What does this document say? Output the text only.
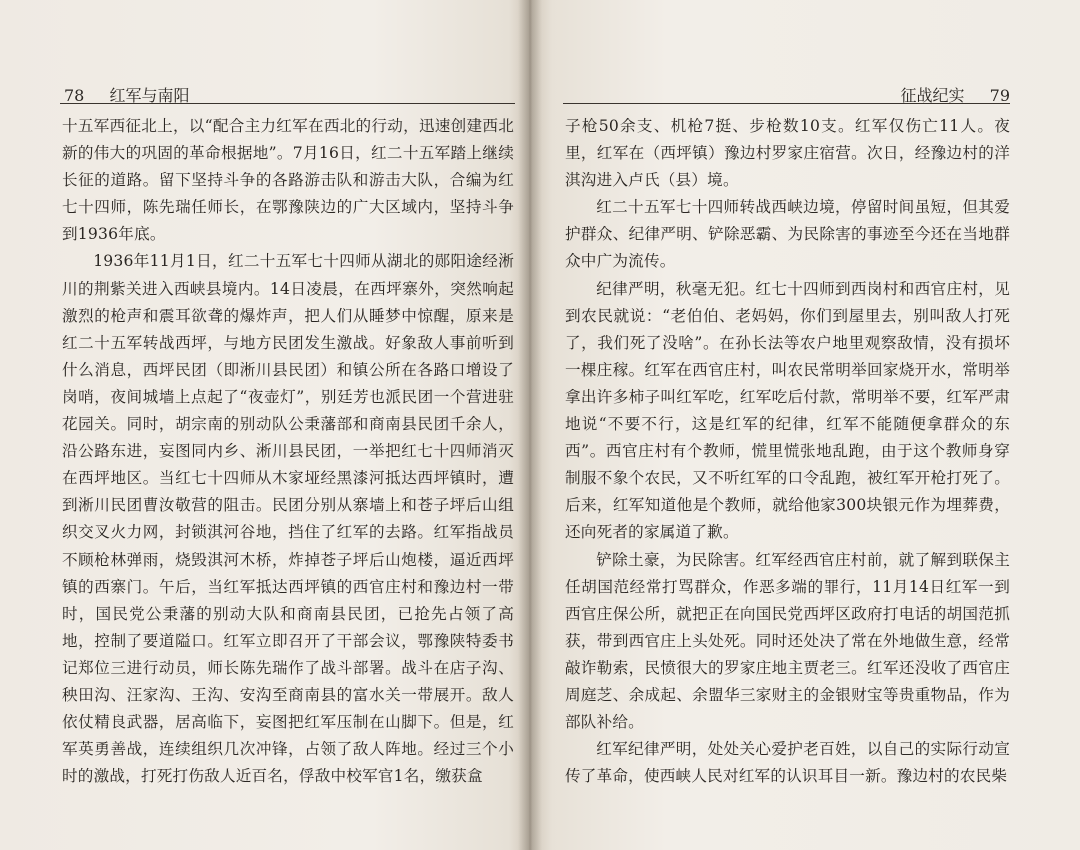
78 红军与南阳

十五军西征北上，以“配合主力红军在西北的行动，迅速创建西北新的伟大的巩固的革命根据地”。7月16日，红二十五军踏上继续长征的道路。留下坚持斗争的各路游击队和游击大队，合编为红七十四师，陈先瑞任师长，在鄂豫陕边的广大区域内，坚持斗争到1936年底。

1936年11月1日，红二十五军七十四师从湖北的郧阳途经淅川的荆紫关进入西峡县境内。14日凌晨，在西坪寨外，突然响起激烈的枪声和震耳欲聋的爆炸声，把人们从睡梦中惊醒，原来是红二十五军转战西坪，与地方民团发生激战。好象敌人事前听到什么消息，西坪民团（即淅川县民团）和镇公所在各路口增设了岗哨，夜间城墙上点起了“夜壶灯”，别廷芳也派民团一个营进驻花园关。同时，胡宗南的别动队公秉藩部和商南县民团千余人，沿公路东进，妄图同内乡、淅川县民团，一举把红七十四师消灭在西坪地区。当红七十四师从木家垭经黑漆河抵达西坪镇时，遭到淅川民团曹汝敬营的阻击。民团分别从寨墙上和苍子坪后山组织交叉火力网，封锁淇河谷地，挡住了红军的去路。红军指战员不顾枪林弹雨，烧毁淇河木桥，炸掉苍子坪后山炮楼，逼近西坪镇的西寨门。午后，当红军抵达西坪镇的西官庄村和豫边村一带时，国民党公秉藩的别动大队和商南县民团，已抢先占领了高地，控制了要道隘口。红军立即召开了干部会议，鄂豫陕特委书记郑位三进行动员，师长陈先瑞作了战斗部署。战斗在店子沟、秧田沟、汪家沟、王沟、安沟至商南县的富水关一带展开。敌人依仗精良武器，居高临下，妄图把红军压制在山脚下。但是，红军英勇善战，连续组织几次冲锋，占领了敌人阵地。经过三个小时的激战，打死打伤敌人近百名，俘敌中校军官1名，缴获盒

征战纪实 79

子枪50余支、机枪7挺、步枪数10支。红军仅伤亡11人。夜里，红军在（西坪镇）豫边村罗家庄宿营。次日，经豫边村的洋淇沟进入卢氏（县）境。

红二十五军七十四师转战西峡边境，停留时间虽短，但其爱护群众、纪律严明、铲除恶霸、为民除害的事迹至今还在当地群众中广为流传。

纪律严明，秋毫无犯。红七十四师到西岗村和西官庄村，见到农民就说：“老伯伯、老妈妈，你们到屋里去，别叫敌人打死了，我们死了没啥”。在孙长法等农户地里观察敌情，没有损坏一棵庄稼。红军在西官庄村，叫农民常明举回家烧开水，常明举拿出许多柿子叫红军吃，红军吃后付款，常明举不要，红军严肃地说“不要不行，这是红军的纪律，红军不能随便拿群众的东西”。西官庄村有个教师，慌里慌张地乱跑，由于这个教师身穿制服不象个农民，又不听红军的口令乱跑，被红军开枪打死了。后来，红军知道他是个教师，就给他家300块银元作为埋葬费，还向死者的家属道了歉。

铲除土豪，为民除害。红军经西官庄村前，就了解到联保主任胡国范经常打骂群众，作恶多端的罪行，11月14日红军一到西官庄保公所，就把正在向国民党西坪区政府打电话的胡国范抓获，带到西官庄上头处死。同时还处决了常在外地做生意，经常敲诈勒索，民愤很大的罗家庄地主贾老三。红军还没收了西官庄周庭芝、余成起、余盟华三家财主的金银财宝等贵重物品，作为部队补给。

红军纪律严明，处处关心爱护老百姓，以自己的实际行动宣传了革命，使西峡人民对红军的认识耳目一新。豫边村的农民柴
